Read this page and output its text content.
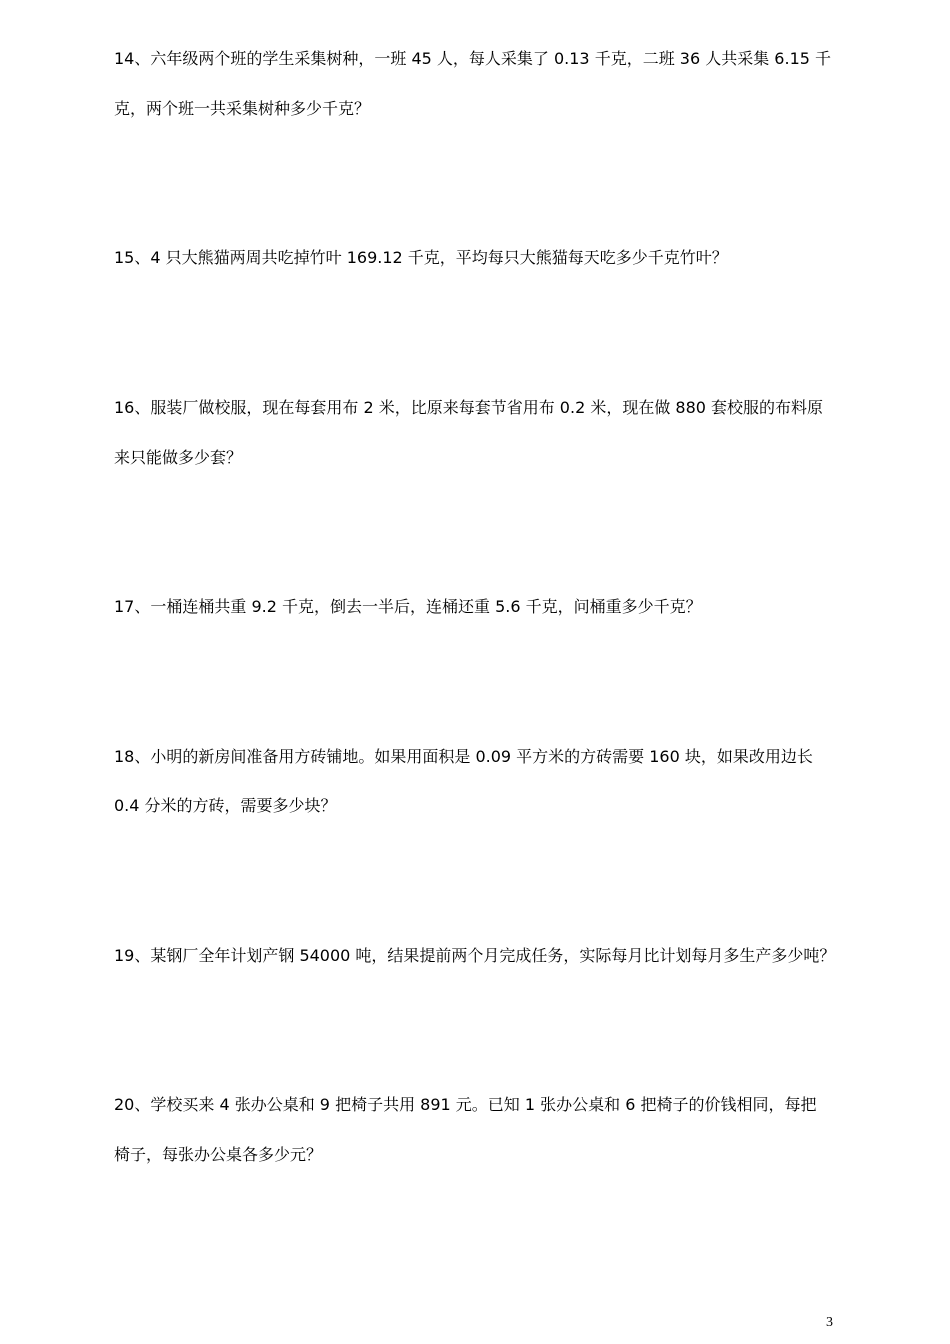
14、六年级两个班的学生采集树种，一班 45 人，每人采集了 0.13 千克，二班 36 人共采集 6.15 千
克，两个班一共采集树种多少千克？
15、4 只大熊猫两周共吃掉竹叶 169.12 千克，平均每只大熊猫每天吃多少千克竹叶？
16、服装厂做校服，现在每套用布 2 米，比原来每套节省用布 0.2 米，现在做 880 套校服的布料原
来只能做多少套？
17、一桶连桶共重 9.2 千克，倒去一半后，连桶还重 5.6 千克，问桶重多少千克？
18、小明的新房间准备用方砖铺地。如果用面积是 0.09 平方米的方砖需要 160 块，如果改用边长
0.4 分米的方砖，需要多少块？
19、某钢厂全年计划产钢 54000 吨，结果提前两个月完成任务，实际每月比计划每月多生产多少吨？
20、学校买来 4 张办公桌和 9 把椅子共用 891 元。已知 1 张办公桌和 6 把椅子的价钱相同，每把
椅子，每张办公桌各多少元？
3
